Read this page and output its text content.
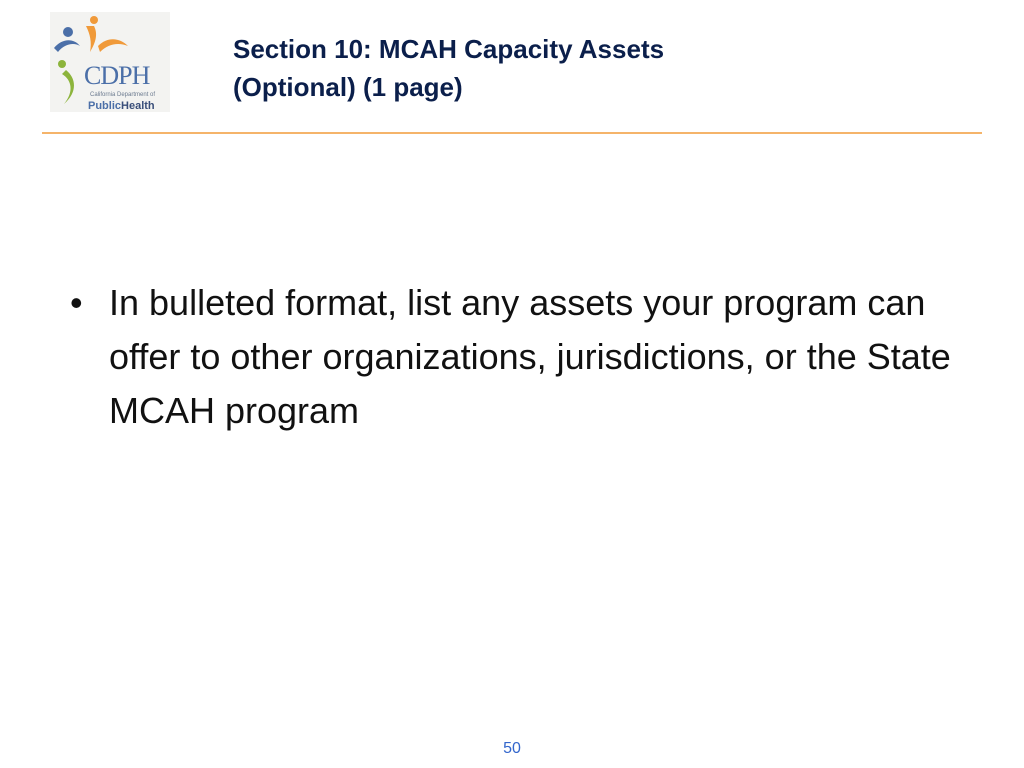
CDPH
California Department of
PublicHealth
Section 10: MCAH Capacity Assets
(Optional) (1 page)
• In bulleted format, list any assets your program can offer to other organizations, jurisdictions, or the State MCAH program
50
